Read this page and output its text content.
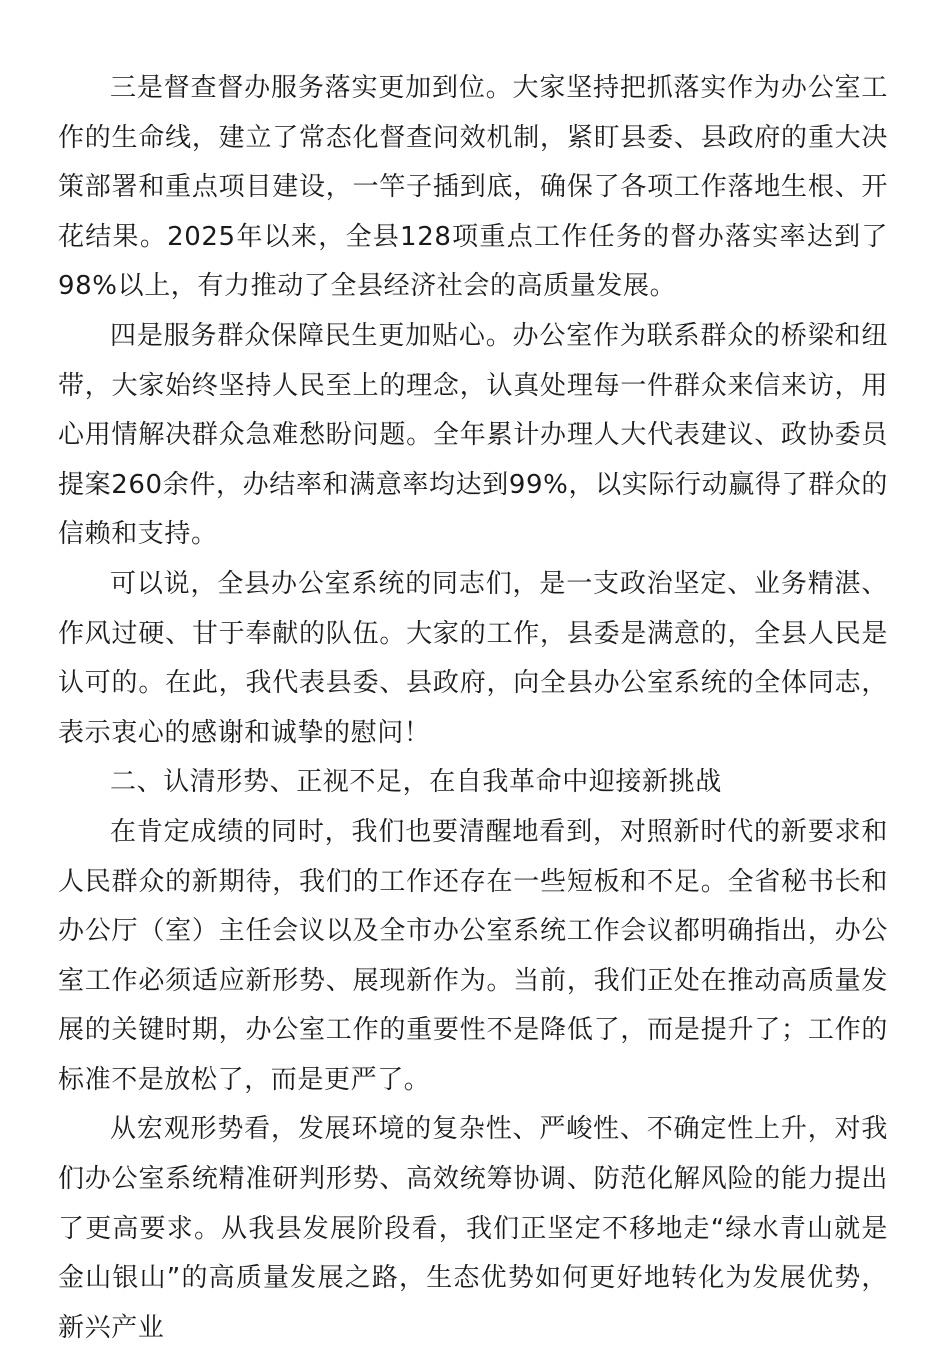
三是督查督办服务落实更加到位。大家坚持把抓落实作为办公室工作的生命线，建立了常态化督查问效机制，紧盯县委、县政府的重大决策部署和重点项目建设，一竿子插到底，确保了各项工作落地生根、开花结果。2025年以来，全县128项重点工作任务的督办落实率达到了98%以上，有力推动了全县经济社会的高质量发展。

四是服务群众保障民生更加贴心。办公室作为联系群众的桥梁和纽带，大家始终坚持人民至上的理念，认真处理每一件群众来信来访，用心用情解决群众急难愁盼问题。全年累计办理人大代表建议、政协委员提案260余件，办结率和满意率均达到99%，以实际行动赢得了群众的信赖和支持。

可以说，全县办公室系统的同志们，是一支政治坚定、业务精湛、作风过硬、甘于奉献的队伍。大家的工作，县委是满意的，全县人民是认可的。在此，我代表县委、县政府，向全县办公室系统的全体同志，表示衷心的感谢和诚挚的慰问！

二、认清形势、正视不足，在自我革命中迎接新挑战

在肯定成绩的同时，我们也要清醒地看到，对照新时代的新要求和人民群众的新期待，我们的工作还存在一些短板和不足。全省秘书长和办公厅（室）主任会议以及全市办公室系统工作会议都明确指出，办公室工作必须适应新形势、展现新作为。当前，我们正处在推动高质量发展的关键时期，办公室工作的重要性不是降低了，而是提升了；工作的标准不是放松了，而是更严了。

从宏观形势看，发展环境的复杂性、严峻性、不确定性上升，对我们办公室系统精准研判形势、高效统筹协调、防范化解风险的能力提出了更高要求。从我县发展阶段看，我们正坚定不移地走“绿水青山就是金山银山”的高质量发展之路，生态优势如何更好地转化为发展优势，新兴产业
